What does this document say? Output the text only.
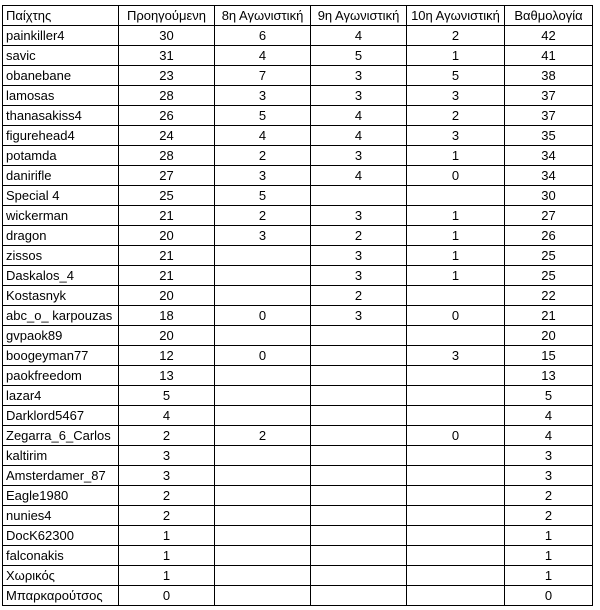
Παίχτης	Προηγούμενη	8η Αγωνιστική	9η Αγωνιστική	10η Αγωνιστική	Βαθμολογία
painkiller4	30	6	4	2	42
savic	31	4	5	1	41
obanebane	23	7	3	5	38
lamosas	28	3	3	3	37
thanasakiss4	26	5	4	2	37
figurehead4	24	4	4	3	35
potamda	28	2	3	1	34
danirifle	27	3	4	0	34
Special 4	25	5			30
wickerman	21	2	3	1	27
dragon	20	3	2	1	26
zissos	21		3	1	25
Daskalos_4	21		3	1	25
Kostasnyk	20		2		22
abc_o_ karpouzas	18	0	3	0	21
gvpaok89	20				20
boogeyman77	12	0		3	15
paokfreedom	13				13
lazar4	5				5
Darklord5467	4				4
Zegarra_6_Carlos	2	2		0	4
kaltirim	3				3
Amsterdamer_87	3				3
Eagle1980	2				2
nunies4	2				2
DocK62300	1				1
falconakis	1				1
Χωρικός	1				1
Μπαρκαρούτσος	0				0
